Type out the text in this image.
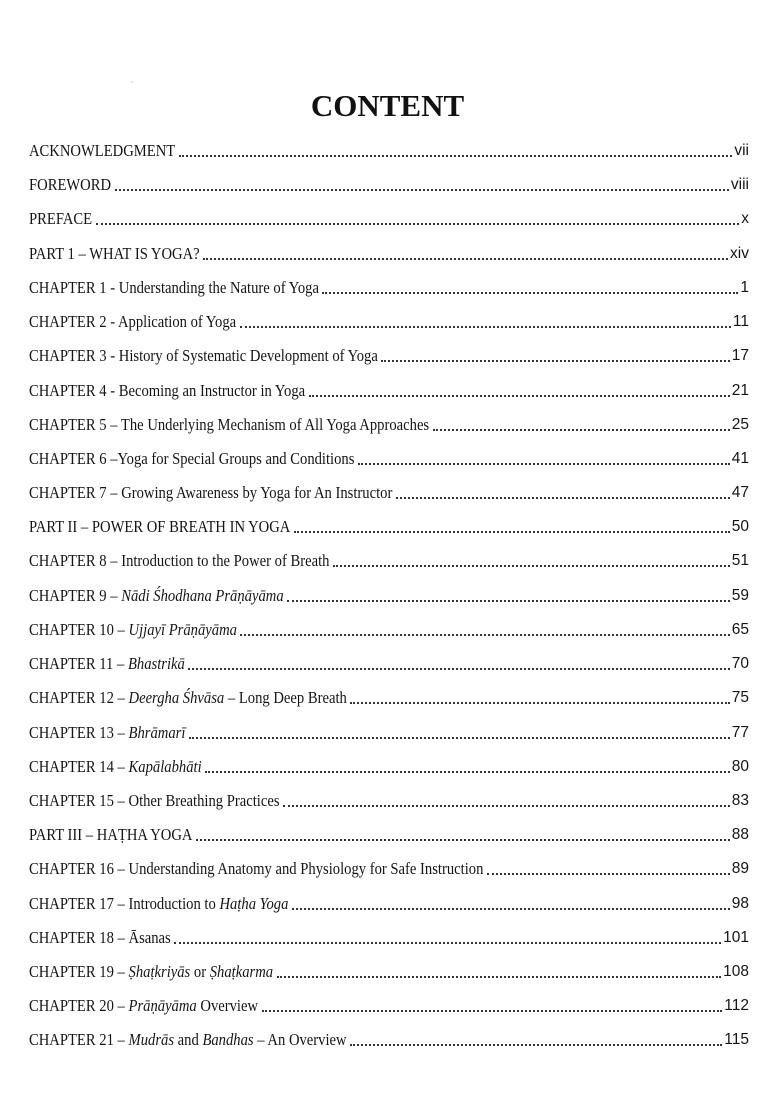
CONTENT
ACKNOWLEDGMENT	vii
FOREWORD	viii
PREFACE	x
PART 1 – WHAT IS YOGA?	xiv
CHAPTER 1 - Understanding the Nature of Yoga	1
CHAPTER 2 - Application of Yoga	11
CHAPTER 3 - History of Systematic Development of Yoga	17
CHAPTER 4 - Becoming an Instructor in Yoga	21
CHAPTER 5 – The Underlying Mechanism of All Yoga Approaches	25
CHAPTER 6 –Yoga for Special Groups and Conditions	41
CHAPTER 7 – Growing Awareness by Yoga for An Instructor	47
PART II – POWER OF BREATH IN YOGA	50
CHAPTER 8 – Introduction to the Power of Breath	51
CHAPTER 9 – Nādi Śhodhana Prāṇāyāma	59
CHAPTER 10 – Ujjayī Prāṇāyāma	65
CHAPTER 11 – Bhastrikā	70
CHAPTER 12 – Deergha Śhvāsa – Long Deep Breath	75
CHAPTER 13 – Bhrāmarī	77
CHAPTER 14 – Kapālabhāti	80
CHAPTER 15 – Other Breathing Practices	83
PART III – HAṬHA YOGA	88
CHAPTER 16 – Understanding Anatomy and Physiology for Safe Instruction	89
CHAPTER 17 – Introduction to Haṭha Yoga	98
CHAPTER 18 – Āsanas	101
CHAPTER 19 – Ṣhaṭkriyās or Ṣhaṭkarma	108
CHAPTER 20 – Prāṇāyāma Overview	112
CHAPTER 21 – Mudrās and Bandhas – An Overview	115
